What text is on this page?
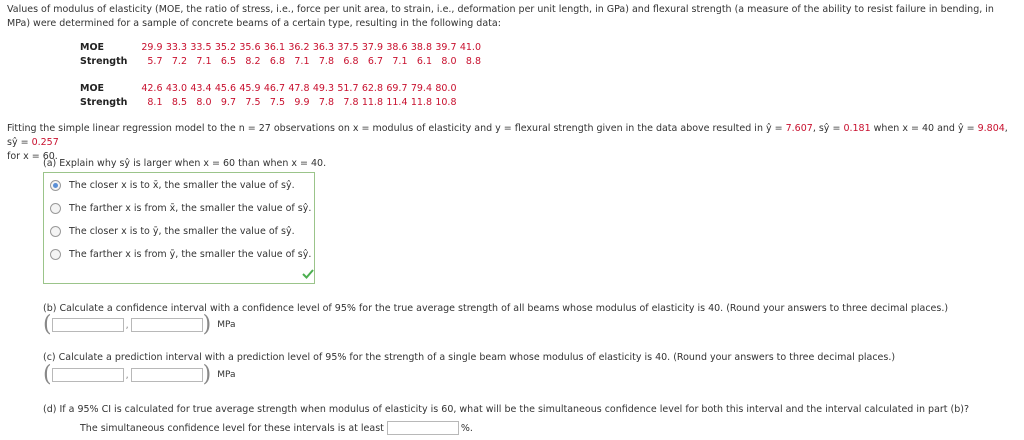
Values of modulus of elasticity (MOE, the ratio of stress, i.e., force per unit area, to strain, i.e., deformation per unit length, in GPa) and flexural strength (a measure of the ability to resist failure in bending, in MPa) were determined for a sample of concrete beams of a certain type, resulting in the following data:
MOE	29.9	33.3	33.5	35.2	35.6	36.1	36.2	36.3	37.5	37.9	38.6	38.8	39.7	41.0
Strength	5.7	7.2	7.1	6.5	8.2	6.8	7.1	7.8	6.8	6.7	7.1	6.1	8.0	8.8
MOE	42.6	43.0	43.4	45.6	45.9	46.7	47.8	49.3	51.7	62.8	69.7	79.4	80.0
Strength	8.1	8.5	8.0	9.7	7.5	7.5	9.9	7.8	7.8	11.8	11.4	11.8	10.8
Fitting the simple linear regression model to the n = 27 observations on x = modulus of elasticity and y = flexural strength given in the data above resulted in ŷ = 7.607, sŷ = 0.181 when x = 40 and ŷ = 9.804, sŷ = 0.257
for x = 60.
(a) Explain why sŷ is larger when x = 60 than when x = 40.
The closer x is to x̄, the smaller the value of sŷ.
The farther x is from x̄, the smaller the value of sŷ.
The closer x is to ȳ, the smaller the value of sŷ.
The farther x is from ȳ, the smaller the value of sŷ.
(b) Calculate a confidence interval with a confidence level of 95% for the true average strength of all beams whose modulus of elasticity is 40. (Round your answers to three decimal places.)
(	,	) MPa
(c) Calculate a prediction interval with a prediction level of 95% for the strength of a single beam whose modulus of elasticity is 40. (Round your answers to three decimal places.)
(	,	) MPa
(d) If a 95% CI is calculated for true average strength when modulus of elasticity is 60, what will be the simultaneous confidence level for both this interval and the interval calculated in part (b)?
The simultaneous confidence level for these intervals is at least	%.
